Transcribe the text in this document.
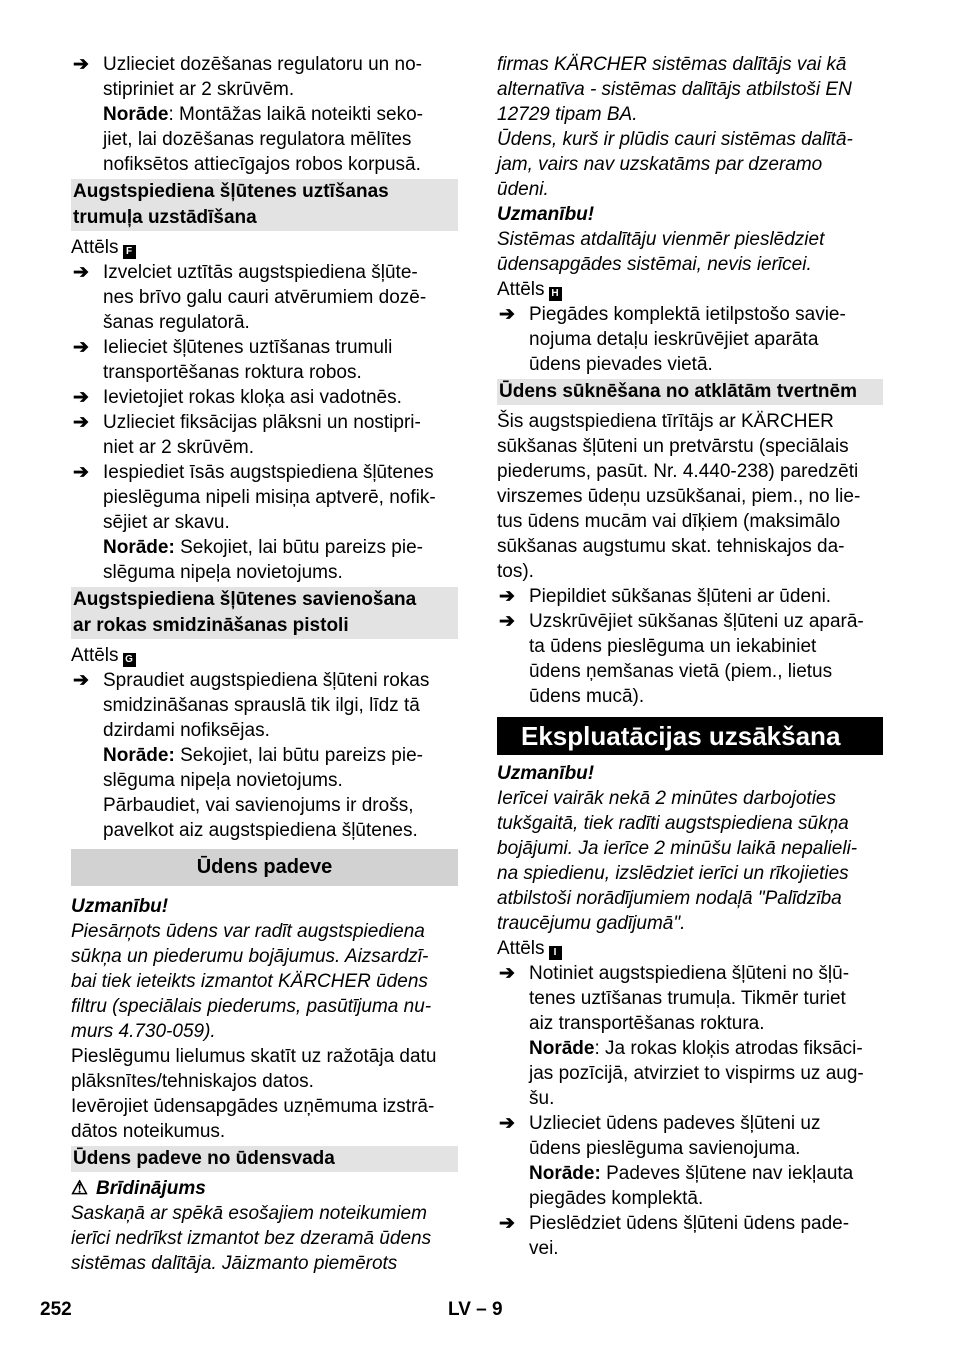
➔ Uzlieciet dozēšanas regulatoru un no-
stipriniet ar 2 skrūvēm.
Norāde: Montāžas laikā noteikti seko-
jiet, lai dozēšanas regulatora mēlītes
nofiksētos attiecīgajos robos korpusā.
Augstspiediena šļūtenes uztīšanas
trumuļa uzstādīšana
Attēls F
➔ Izvelciet uztītās augstspiediena šļūte-
nes brīvo galu cauri atvērumiem dozē-
šanas regulatorā.
➔ Ielieciet šļūtenes uztīšanas trumuli
transportēšanas roktura robos.
➔ Ievietojiet rokas kloķa asi vadotnēs.
➔ Uzlieciet fiksācijas plāksni un nostipri-
niet ar 2 skrūvēm.
➔ Iespiediet īsās augstspiediena šļūtenes
pieslēguma nipeli misiņa aptverē, nofik-
sējiet ar skavu.
Norāde: Sekojiet, lai būtu pareizs pie-
slēguma nipeļa novietojums.
Augstspiediena šļūtenes savienošana
ar rokas smidzināšanas pistoli
Attēls G
➔ Spraudiet augstspiediena šļūteni rokas
smidzināšanas sprauslā tik ilgi, līdz tā
dzirdami nofiksējas.
Norāde: Sekojiet, lai būtu pareizs pie-
slēguma nipeļa novietojums.
Pārbaudiet, vai savienojums ir drošs,
pavelkot aiz augstspiediena šļūtenes.
Ūdens padeve
Uzmanību!
Piesārņots ūdens var radīt augstspiediena
sūkņa un piederumu bojājumus. Aizsardzī-
bai tiek ieteikts izmantot KÄRCHER ūdens
filtru (speciālais piederums, pasūtījuma nu-
murs 4.730-059).
Pieslēgumu lielumus skatīt uz ražotāja datu
plāksnītes/tehniskajos datos.
Ievērojiet ūdensapgādes uzņēmuma izstrā-
dātos noteikumus.
Ūdens padeve no ūdensvada
⚠ Brīdinājums
Saskaņā ar spēkā esošajiem noteikumiem
ierīci nedrīkst izmantot bez dzeramā ūdens
sistēmas dalītāja. Jāizmanto piemērots
firmas KÄRCHER sistēmas dalītājs vai kā
alternatīva - sistēmas dalītājs atbilstoši EN
12729 tipam BA.
Ūdens, kurš ir plūdis cauri sistēmas dalītā-
jam, vairs nav uzskatāms par dzeramo
ūdeni.
Uzmanību!
Sistēmas atdalītāju vienmēr pieslēdziet
ūdensapgādes sistēmai, nevis ierīcei.
Attēls H
➔ Piegādes komplektā ietilpstošo savie-
nojuma detaļu ieskrūvējiet aparāta
ūdens pievades vietā.
Ūdens sūknēšana no atklātām tvertnēm
Šis augstspiediena tīrītājs ar KÄRCHER
sūkšanas šļūteni un pretvārstu (speciālais
piederums, pasūt. Nr. 4.440-238) paredzēti
virszemes ūdeņu uzsūkšanai, piem., no lie-
tus ūdens mucām vai dīķiem (maksimālo
sūkšanas augstumu skat. tehniskajos da-
tos).
➔ Piepildiet sūkšanas šļūteni ar ūdeni.
➔ Uzskrūvējiet sūkšanas šļūteni uz aparā-
ta ūdens pieslēguma un iekabiniet
ūdens ņemšanas vietā (piem., lietus
ūdens mucā).
Ekspluatācijas uzsākšana
Uzmanību!
Ierīcei vairāk nekā 2 minūtes darbojoties
tukšgaitā, tiek radīti augstspiediena sūkņa
bojājumi. Ja ierīce 2 minūšu laikā nepalieli-
na spiedienu, izslēdziet ierīci un rīkojieties
atbilstoši norādījumiem nodaļā "Palīdzība
traucējumu gadījumā".
Attēls I
➔ Notiniet augstspiediena šļūteni no šļū-
tenes uztīšanas trumuļa. Tikmēr turiet
aiz transportēšanas roktura.
Norāde: Ja rokas kloķis atrodas fiksāci-
jas pozīcijā, atvirziet to vispirms uz aug-
šu.
➔ Uzlieciet ūdens padeves šļūteni uz
ūdens pieslēguma savienojuma.
Norāde: Padeves šļūtene nav iekļauta
piegādes komplektā.
➔ Pieslēdziet ūdens šļūteni ūdens pade-
vei.
252	LV – 9
